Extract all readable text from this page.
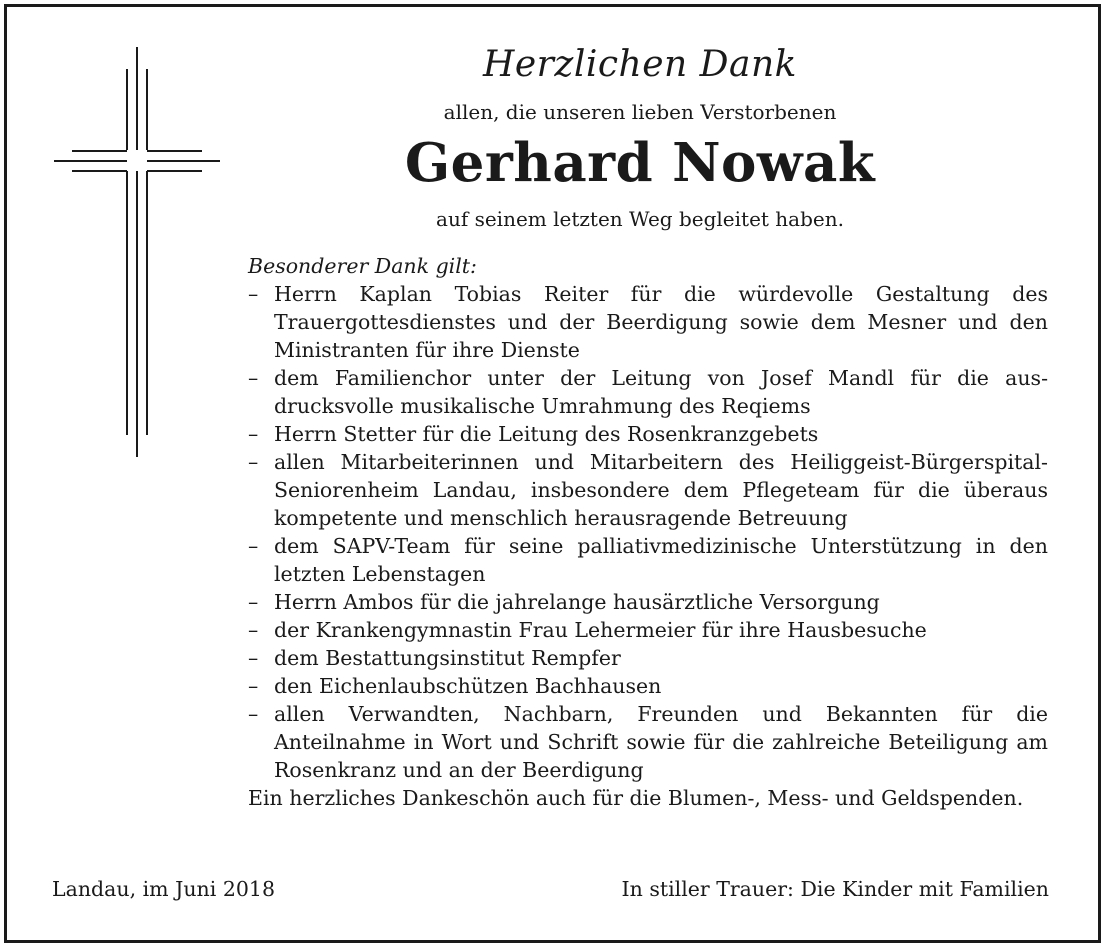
Herzlichen Dank
allen, die unseren lieben Verstorbenen
Gerhard Nowak
auf seinem letzten Weg begleitet haben.
Besonderer Dank gilt:
– Herrn Kaplan Tobias Reiter für die würdevolle Gestaltung des Trauergottesdienstes und der Beerdigung sowie dem Mesner und den Ministranten für ihre Dienste
– dem Familienchor unter der Leitung von Josef Mandl für die ausdrucksvolle musikalische Umrahmung des Reqiems
– Herrn Stetter für die Leitung des Rosenkranzgebets
– allen Mitarbeiterinnen und Mitarbeitern des Heiliggeist-Bürgerspital-Seniorenheim Landau, insbesondere dem Pflegeteam für die überaus kompetente und menschlich herausragende Betreuung
– dem SAPV-Team für seine palliativmedizinische Unterstützung in den letzten Lebenstagen
– Herrn Ambos für die jahrelange hausärztliche Versorgung
– der Krankengymnastin Frau Lehermeier für ihre Hausbesuche
– dem Bestattungsinstitut Rempfer
– den Eichenlaubschützen Bachhausen
– allen Verwandten, Nachbarn, Freunden und Bekannten für die Anteilnahme in Wort und Schrift sowie für die zahlreiche Beteiligung am Rosenkranz und an der Beerdigung
Ein herzliches Dankeschön auch für die Blumen-, Mess- und Geldspenden.
Landau, im Juni 2018	In stiller Trauer: Die Kinder mit Familien
